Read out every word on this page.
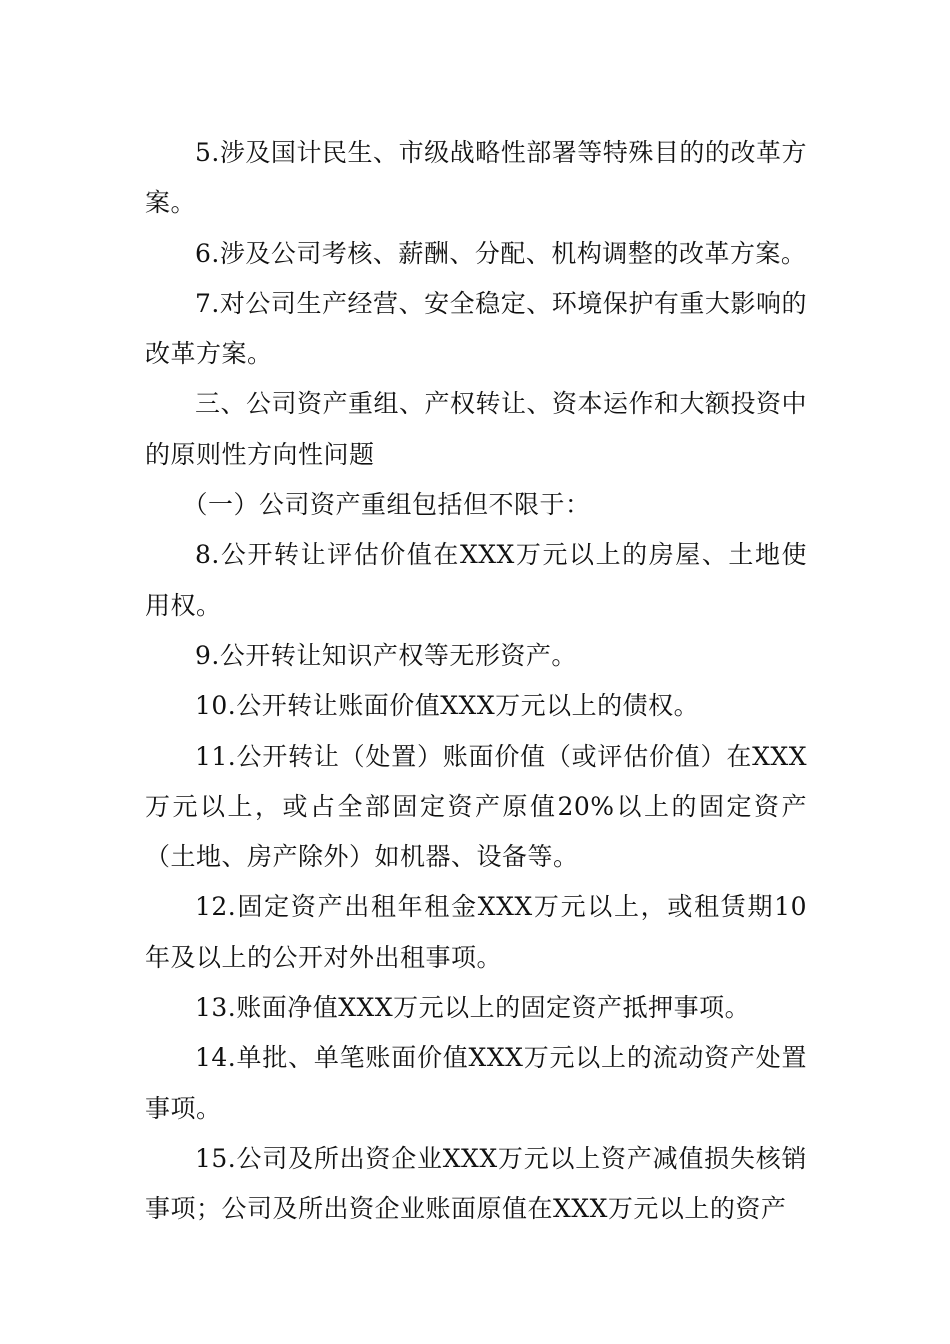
5.涉及国计民生、市级战略性部署等特殊目的的改革方案。

6.涉及公司考核、薪酬、分配、机构调整的改革方案。

7.对公司生产经营、安全稳定、环境保护有重大影响的改革方案。

三、公司资产重组、产权转让、资本运作和大额投资中的原则性方向性问题

（一）公司资产重组包括但不限于：

8.公开转让评估价值在XXX万元以上的房屋、土地使用权。

9.公开转让知识产权等无形资产。

10.公开转让账面价值XXX万元以上的债权。

11.公开转让（处置）账面价值（或评估价值）在XXX万元以上，或占全部固定资产原值20%以上的固定资产（土地、房产除外）如机器、设备等。

12.固定资产出租年租金XXX万元以上，或租赁期10年及以上的公开对外出租事项。

13.账面净值XXX万元以上的固定资产抵押事项。

14.单批、单笔账面价值XXX万元以上的流动资产处置事项。

15.公司及所出资企业XXX万元以上资产减值损失核销事项；公司及所出资企业账面原值在XXX万元以上的资产
